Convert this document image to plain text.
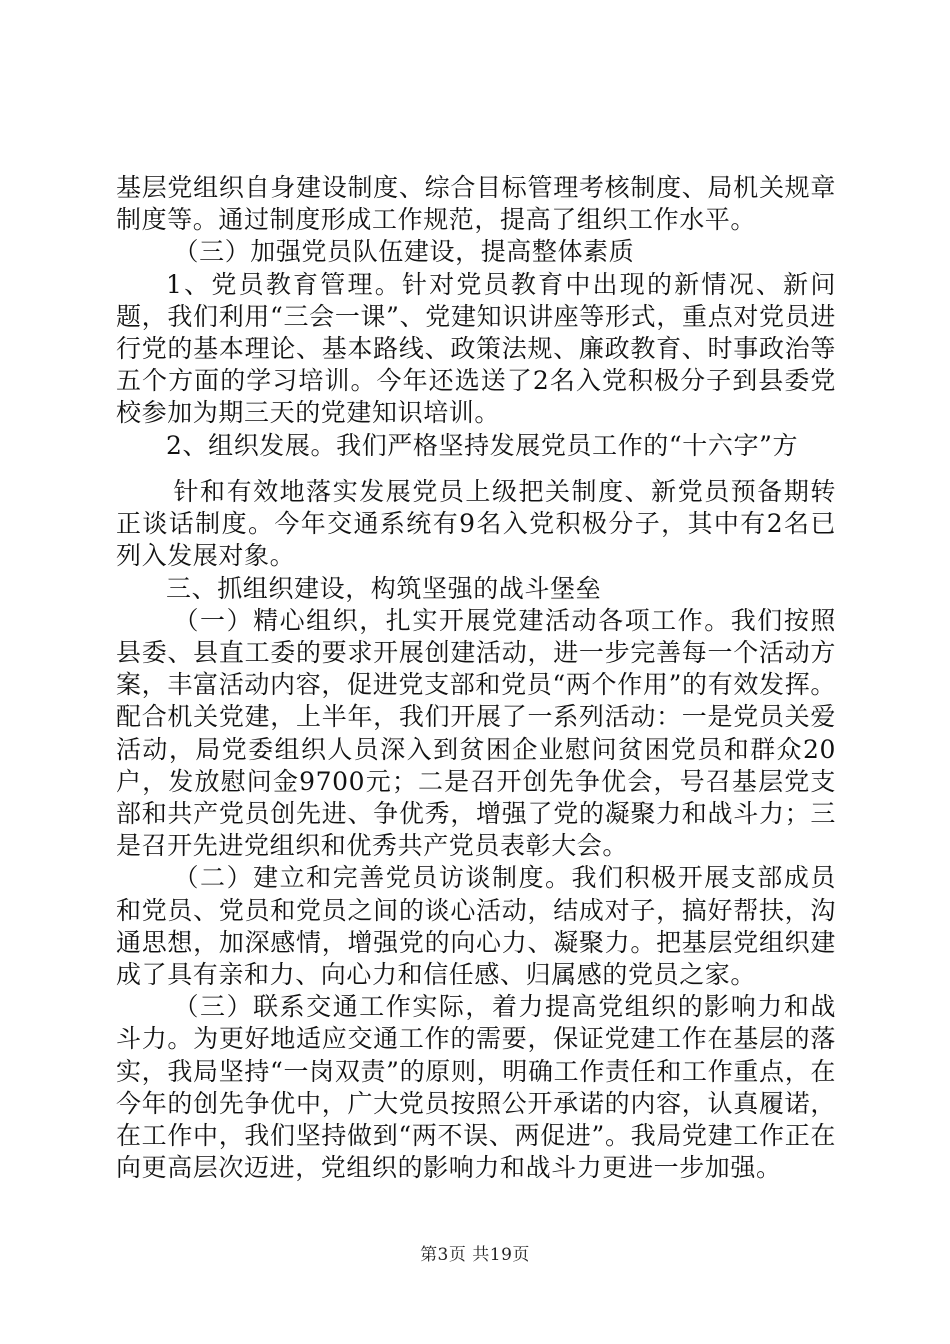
基层党组织自身建设制度、综合目标管理考核制度、局机关规章制度等。通过制度形成工作规范，提高了组织工作水平。

（三）加强党员队伍建设，提高整体素质

1、党员教育管理。针对党员教育中出现的新情况、新问题，我们利用“三会一课”、党建知识讲座等形式，重点对党员进行党的基本理论、基本路线、政策法规、廉政教育、时事政治等五个方面的学习培训。今年还选送了2名入党积极分子到县委党校参加为期三天的党建知识培训。

2、组织发展。我们严格坚持发展党员工作的“十六字”方

针和有效地落实发展党员上级把关制度、新党员预备期转正谈话制度。今年交通系统有9名入党积极分子，其中有2名已列入发展对象。

三、抓组织建设，构筑坚强的战斗堡垒

（一）精心组织，扎实开展党建活动各项工作。我们按照县委、县直工委的要求开展创建活动，进一步完善每一个活动方案，丰富活动内容，促进党支部和党员“两个作用”的有效发挥。配合机关党建，上半年，我们开展了一系列活动：一是党员关爱活动，局党委组织人员深入到贫困企业慰问贫困党员和群众20户，发放慰问金9700元；二是召开创先争优会，号召基层党支部和共产党员创先进、争优秀，增强了党的凝聚力和战斗力；三是召开先进党组织和优秀共产党员表彰大会。

（二）建立和完善党员访谈制度。我们积极开展支部成员和党员、党员和党员之间的谈心活动，结成对子，搞好帮扶，沟通思想，加深感情，增强党的向心力、凝聚力。把基层党组织建成了具有亲和力、向心力和信任感、归属感的党员之家。

（三）联系交通工作实际，着力提高党组织的影响力和战斗力。为更好地适应交通工作的需要，保证党建工作在基层的落实，我局坚持“一岗双责”的原则，明确工作责任和工作重点，在今年的创先争优中，广大党员按照公开承诺的内容，认真履诺，在工作中，我们坚持做到“两不误、两促进”。我局党建工作正在向更高层次迈进，党组织的影响力和战斗力更进一步加强。

第3页 共19页
